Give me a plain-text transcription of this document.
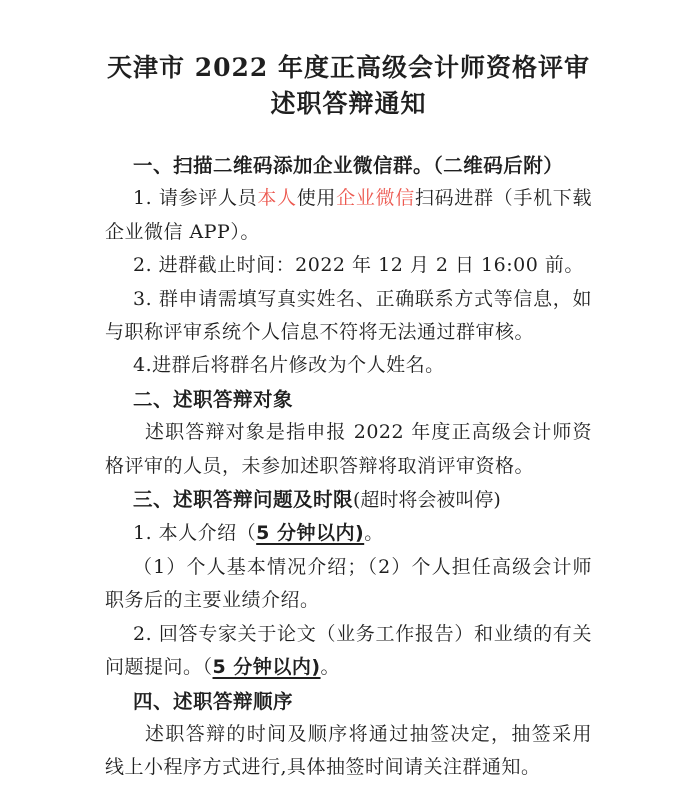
天津市 2022 年度正高级会计师资格评审
述职答辩通知

一、扫描二维码添加企业微信群。（二维码后附）

1. 请参评人员本人使用企业微信扫码进群（手机下载企业微信 APP）。

2. 进群截止时间：2022 年 12 月 2 日 16:00 前。

3. 群申请需填写真实姓名、正确联系方式等信息，如与职称评审系统个人信息不符将无法通过群审核。

4.进群后将群名片修改为个人姓名。

二、述职答辩对象

述职答辩对象是指申报 2022 年度正高级会计师资格评审的人员，未参加述职答辩将取消评审资格。

三、述职答辩问题及时限(超时将会被叫停)

1. 本人介绍（5 分钟以内)。

（1）个人基本情况介绍；（2）个人担任高级会计师职务后的主要业绩介绍。

2. 回答专家关于论文（业务工作报告）和业绩的有关问题提问。（5 分钟以内)。

四、述职答辩顺序

述职答辩的时间及顺序将通过抽签决定，抽签采用线上小程序方式进行,具体抽签时间请关注群通知。
